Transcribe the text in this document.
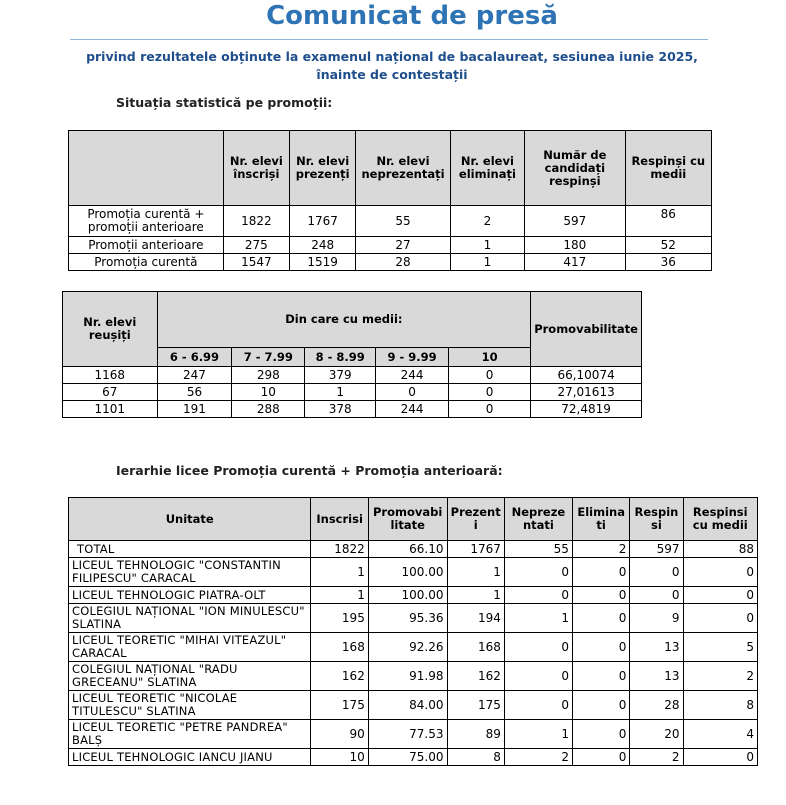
Comunicat de presă
privind rezultatele obținute la examenul național de bacalaureat, sesiunea iunie 2025, înainte de contestații
Situația statistică pe promoții:
	Nr. elevi înscriși	Nr. elevi prezenți	Nr. elevi neprezentați	Nr. elevi eliminați	Număr de candidați respinși	Respinși cu medii
Promoția curentă + promoții anterioare	1822	1767	55	2	597	86
Promoții anterioare	275	248	27	1	180	52
Promoția curentă	1547	1519	28	1	417	36
Nr. elevi reușiți	Din care cu medii:					Promovabilitate
	6 - 6.99	7 - 7.99	8 - 8.99	9 - 9.99	10	
1168	247	298	379	244	0	66,10074
67	56	10	1	0	0	27,01613
1101	191	288	378	244	0	72,4819
Ierarhie licee Promoția curentă + Promoția anterioară:
Unitate	Inscrisi	Promovabilitate	Prezenti	Neprezentati	Eliminati	Respinsi	Respinsi cu medii
TOTAL	1822	66.10	1767	55	2	597	88
LICEUL TEHNOLOGIC "CONSTANTIN FILIPESCU" CARACAL	1	100.00	1	0	0	0	0
LICEUL TEHNOLOGIC PIATRA-OLT	1	100.00	1	0	0	0	0
COLEGIUL NAȚIONAL "ION MINULESCU" SLATINA	195	95.36	194	1	0	9	0
LICEUL TEORETIC "MIHAI VITEAZUL" CARACAL	168	92.26	168	0	0	13	5
COLEGIUL NAȚIONAL "RADU GRECEANU" SLATINA	162	91.98	162	0	0	13	2
LICEUL TEORETIC "NICOLAE TITULESCU" SLATINA	175	84.00	175	0	0	28	8
LICEUL TEORETIC "PETRE PANDREA" BALȘ	90	77.53	89	1	0	20	4
LICEUL TEHNOLOGIC IANCU JIANU	10	75.00	8	2	0	2	0
